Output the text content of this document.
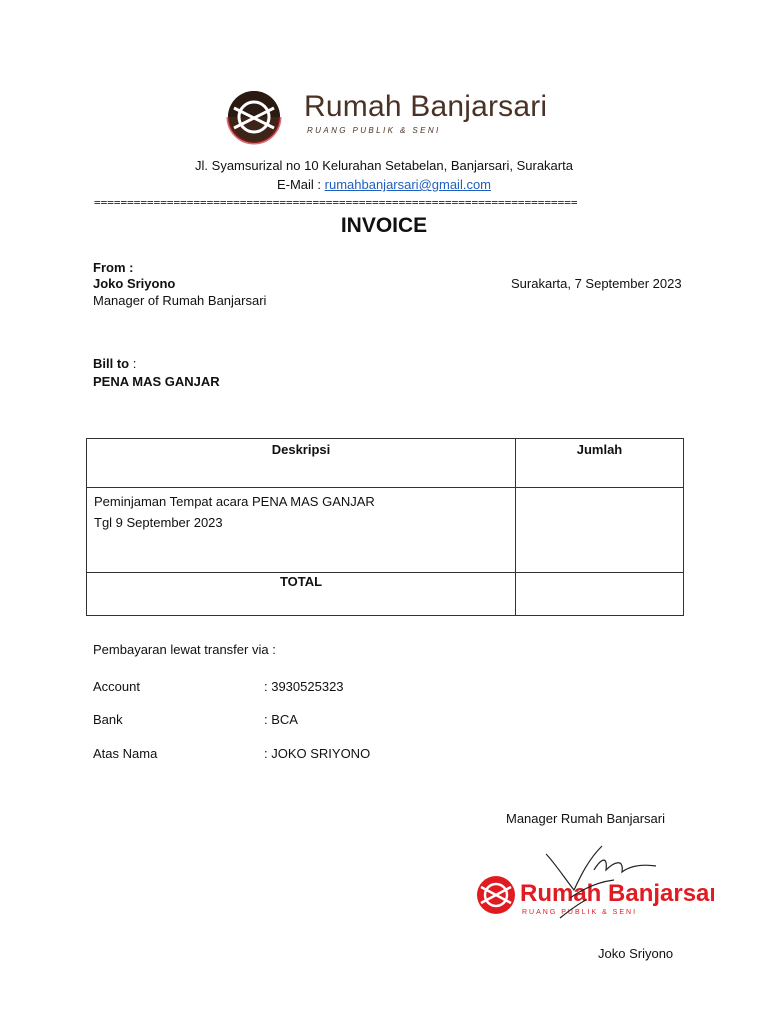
Rumah Banjarsari
RUANG PUBLIK & SENI
Jl. Syamsurizal no 10 Kelurahan Setabelan, Banjarsari, Surakarta
E-Mail : rumahbanjarsari@gmail.com
=========================================================================
INVOICE
From :
Joko Sriyono
Manager of Rumah Banjarsari
Surakarta, 7 September 2023
Bill to :
PENA MAS GANJAR
Deskripsi	Jumlah

Peminjaman Tempat acara PENA MAS GANJAR
Tgl 9 September 2023	

TOTAL	
Pembayaran lewat transfer via :
Account	: 3930525323
Bank	: BCA
Atas Nama	: JOKO SRIYONO
Manager Rumah Banjarsari
Rumah Banjarsari
RUANG PUBLIK & SENI
Joko Sriyono
